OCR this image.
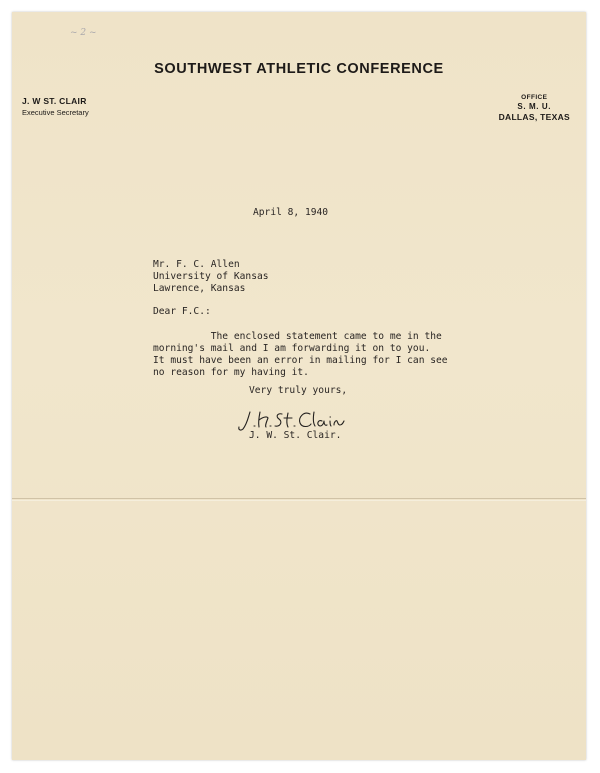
~ 2 ~
SOUTHWEST ATHLETIC CONFERENCE
J. W ST. CLAIR
Executive Secretary
OFFICE
S. M. U.
DALLAS, TEXAS
April 8, 1940
Mr. F. C. Allen
University of Kansas
Lawrence, Kansas
Dear F.C.:
The enclosed statement came to me in the
morning's mail and I am forwarding it on to you.
It must have been an error in mailing for I can see
no reason for my having it.
Very truly yours,
J. W. St. Clair.
